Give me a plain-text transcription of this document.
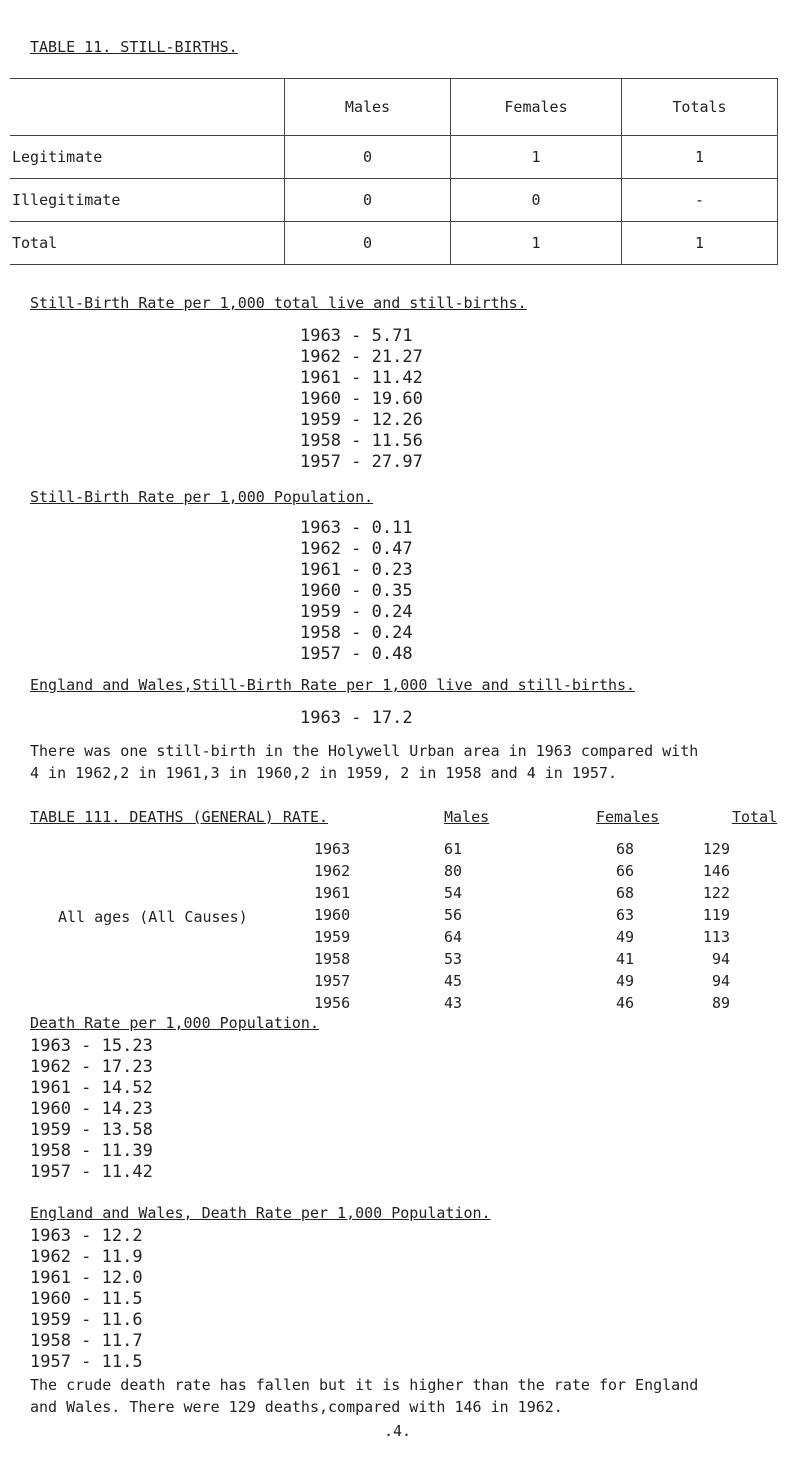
TABLE 11. STILL-BIRTHS.
	Males	Females	Totals
Legitimate	0	1	1
Illegitimate	0	0	-
Total	0	1	1
Still-Birth Rate per 1,000 total live and still-births.
1963 - 5.71
1962 - 21.27
1961 - 11.42
1960 - 19.60
1959 - 12.26
1958 - 11.56
1957 - 27.97
Still-Birth Rate per 1,000 Population.
1963 - 0.11
1962 - 0.47
1961 - 0.23
1960 - 0.35
1959 - 0.24
1958 - 0.24
1957 - 0.48
England and Wales,Still-Birth Rate per 1,000 live and still-births.
1963 - 17.2
There was one still-birth in the Holywell Urban area in 1963 compared with
4 in 1962,2 in 1961,3 in 1960,2 in 1959, 2 in 1958 and 4 in 1957.
TABLE 111. DEATHS (GENERAL) RATE.	Males	Females	Total
All ages (All Causes)
1963	61	68	129
1962	80	66	146
1961	54	68	122
1960	56	63	119
1959	64	49	113
1958	53	41	94
1957	45	49	94
1956	43	46	89
Death Rate per 1,000 Population.
1963 - 15.23
1962 - 17.23
1961 - 14.52
1960 - 14.23
1959 - 13.58
1958 - 11.39
1957 - 11.42
England and Wales, Death Rate per 1,000 Population.
1963 - 12.2
1962 - 11.9
1961 - 12.0
1960 - 11.5
1959 - 11.6
1958 - 11.7
1957 - 11.5
The crude death rate has fallen but it is higher than the rate for England
and Wales. There were 129 deaths,compared with 146 in 1962.
.4.
